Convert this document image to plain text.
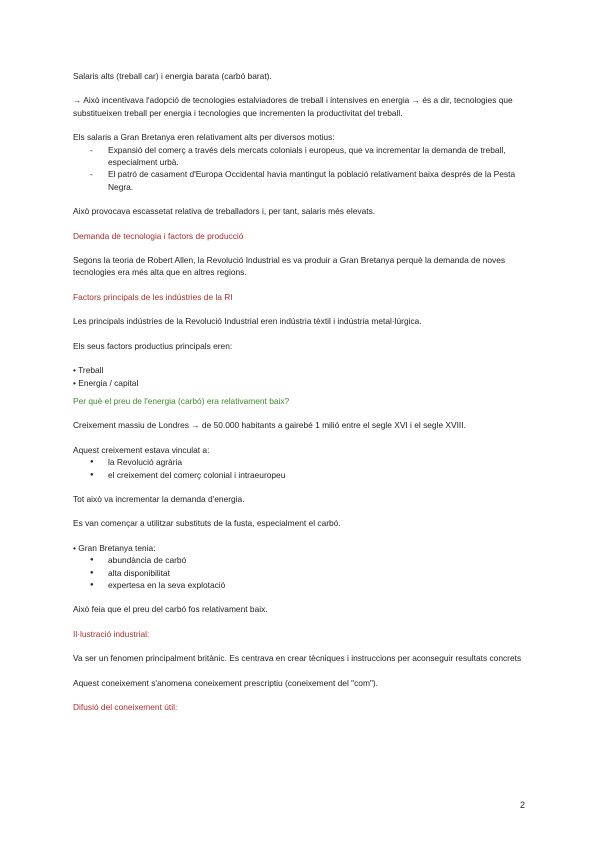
Salaris alts (treball car) i energia barata (carbó barat).

→ Això incentivava l'adopció de tecnologies estalviadores de treball i intensives en energia → és a dir, tecnologies que substitueixen treball per energia i tecnologies que incrementen la productivitat del treball.

Els salaris a Gran Bretanya eren relativament alts per diversos motius:

- Expansió del comerç a través dels mercats colonials i europeus, que va incrementar la demanda de treball, especialment urbà.
- El patró de casament d'Europa Occidental havia mantingut la població relativament baixa després de la Pesta Negra.

Això provocava escassetat relativa de treballadors i, per tant, salaris més elevats.

Demanda de tecnologia i factors de producció

Segons la teoria de Robert Allen, la Revolució Industrial es va produir a Gran Bretanya perquè la demanda de noves tecnologies era més alta que en altres regions.

Factors principals de les indústries de la RI

Les principals indústries de la Revolució Industrial eren indústria tèxtil i indústria metal·lúrgica.

Els seus factors productius principals eren:

• Treball

• Energia / capital

Per què el preu de l'energia (carbó) era relativament baix?

Creixement massiu de Londres → de 50.000 habitants a gairebé 1 milió entre el segle XVI i el segle XVIII.

Aquest creixement estava vinculat a:

● la Revolució agrària
● el creixement del comerç colonial i intraeuropeu

Tot això va incrementar la demanda d'energia.

Es van començar a utilitzar substituts de la fusta, especialment el carbó.

• Gran Bretanya tenia:

● abundància de carbó
● alta disponibilitat
● expertesa en la seva explotació

Això feia que el preu del carbó fos relativament baix.

Il·lustració industrial:

Va ser un fenomen principalment britànic. Es centrava en crear tècniques i instruccions per aconseguir resultats concrets

Aquest coneixement s'anomena coneixement prescriptiu (coneixement del "com").

Difusió del coneixement útil:

2
